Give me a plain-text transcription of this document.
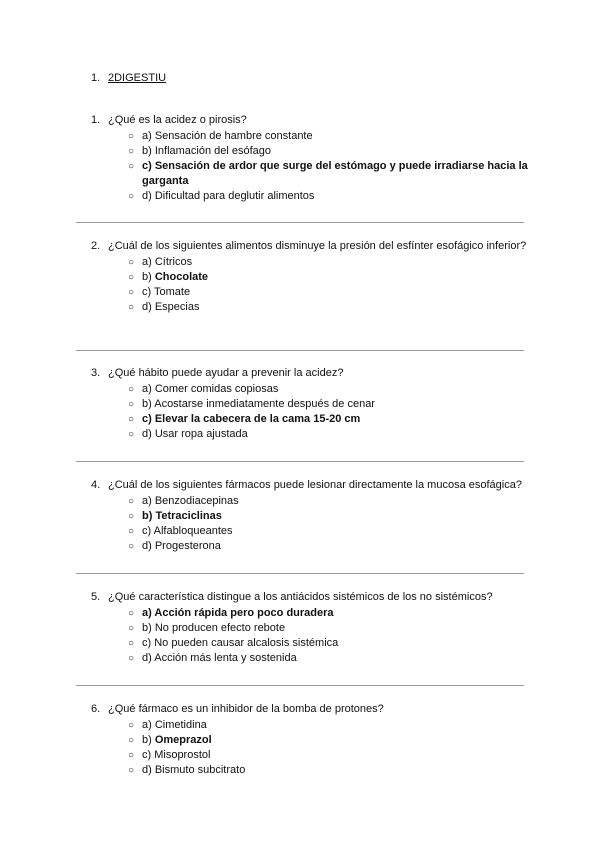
1. 2DIGESTIU
1. ¿Qué es la acidez o pirosis?
○ a) Sensación de hambre constante
○ b) Inflamación del esófago
○ c) Sensación de ardor que surge del estómago y puede irradiarse hacia la garganta
○ d) Dificultad para deglutir alimentos
2. ¿Cuál de los siguientes alimentos disminuye la presión del esfínter esofágico inferior?
○ a) Cítricos
○ b) Chocolate
○ c) Tomate
○ d) Especias
3. ¿Qué hábito puede ayudar a prevenir la acidez?
○ a) Comer comidas copiosas
○ b) Acostarse inmediatamente después de cenar
○ c) Elevar la cabecera de la cama 15-20 cm
○ d) Usar ropa ajustada
4. ¿Cuál de los siguientes fármacos puede lesionar directamente la mucosa esofágica?
○ a) Benzodiacepinas
○ b) Tetraciclinas
○ c) Alfabloqueantes
○ d) Progesterona
5. ¿Qué característica distingue a los antiácidos sistémicos de los no sistémicos?
○ a) Acción rápida pero poco duradera
○ b) No producen efecto rebote
○ c) No pueden causar alcalosis sistémica
○ d) Acción más lenta y sostenida
6. ¿Qué fármaco es un inhibidor de la bomba de protones?
○ a) Cimetidina
○ b) Omeprazol
○ c) Misoprostol
○ d) Bismuto subcitrato
